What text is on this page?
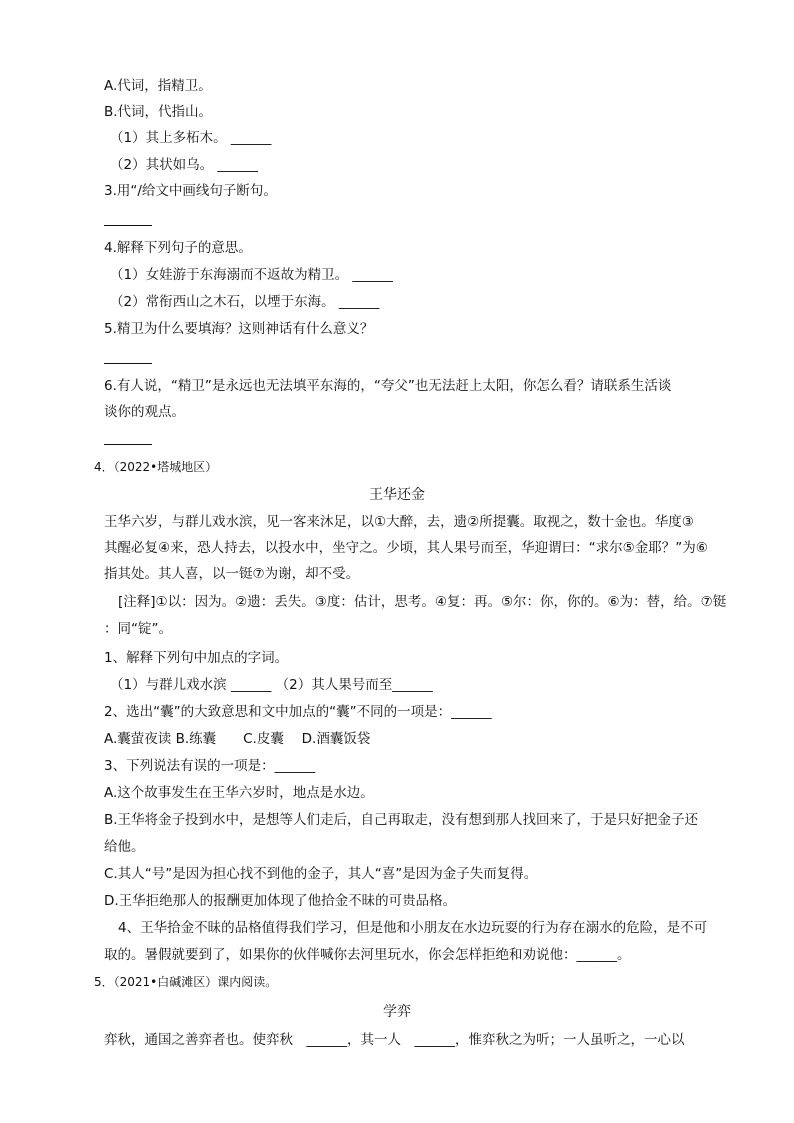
A.代词，指精卫。
B.代词，代指山。
（1）其上多柘木。 ______
（2）其状如乌。 ______
3.用“/给文中画线句子断句。
4.解释下列句子的意思。
（1）女娃游于东海溺而不返故为精卫。 ______
（2）常衔西山之木石，以堙于东海。 ______
5.精卫为什么要填海？这则神话有什么意义？
6.有人说，“精卫”是永远也无法填平东海的，“夸父”也无法赶上太阳，你怎么看？请联系生活谈
谈你的观点。
4．（2022•塔城地区）
王华还金
王华六岁，与群儿戏水滨，见一客来沐足，以①大醉，去，遗②所提囊。取视之，数十金也。华度③
其醒必复④来，恐人持去，以投水中，坐守之。少顷，其人果号而至，华迎谓曰：“求尔⑤金耶？”为⑥
指其处。其人喜，以一铤⑦为谢，却不受。
[注释]①以：因为。②遗：丢失。③度：估计，思考。④复：再。⑤尔：你，你的。⑥为：替，给。⑦铤
：同“锭”。
1、解释下列句中加点的字词。
（1）与群儿戏水滨 ______ （2）其人果号而至______
2、选出“囊”的大致意思和文中加点的“囊”不同的一项是：______
A.囊萤夜读 B.练囊　　C.皮囊　 D.酒囊饭袋
3、下列说法有误的一项是：______
A.这个故事发生在王华六岁时，地点是水边。
B.王华将金子投到水中，是想等人们走后，自己再取走，没有想到那人找回来了，于是只好把金子还
给他。
C.其人“号”是因为担心找不到他的金子，其人“喜”是因为金子失而复得。
D.王华拒绝那人的报酬更加体现了他拾金不昧的可贵品格。
4、王华拾金不昧的品格值得我们学习，但是他和小朋友在水边玩耍的行为存在溺水的危险，是不可
取的。暑假就要到了，如果你的伙伴喊你去河里玩水，你会怎样拒绝和劝说他：______。
5．（2021•白碱滩区）课内阅读。
学弈
弈秋，通国之善弈者也。使弈秋　______，其一人　______，惟弈秋之为听；一人虽听之，一心以
